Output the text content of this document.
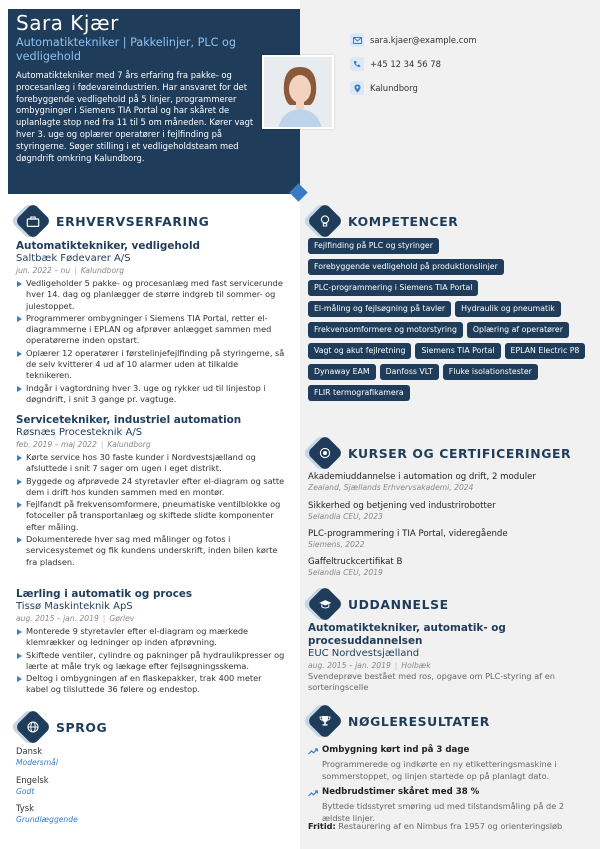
Sara Kjær
Automatiktekniker | Pakkelinjer, PLC og vedligehold
Automatiktekniker med 7 års erfaring fra pakke- og procesanlæg i fødevareindustrien. Har ansvaret for det forebyggende vedligehold på 5 linjer, programmerer ombygninger i Siemens TIA Portal og har skåret de uplanlagte stop ned fra 11 til 5 om måneden. Kører vagt hver 3. uge og oplærer operatører i fejlfinding på styringerne. Søger stilling i et vedligeholdsteam med døgndrift omkring Kalundborg.
sara.kjaer@example.com
+45 12 34 56 78
Kalundborg
ERHVERVSERFARING
Automatiktekniker, vedligehold
Saltbæk Fødevarer A/S
jun. 2022 – nu | Kalundborg
Vedligeholder 5 pakke- og procesanlæg med fast servicerunde hver 14. dag og planlægger de større indgreb til sommer- og julestoppet.
Programmerer ombygninger i Siemens TIA Portal, retter el-diagrammerne i EPLAN og afprøver anlægget sammen med operatørerne inden opstart.
Oplærer 12 operatører i førstelinjefejlfinding på styringerne, så de selv kvitterer 4 ud af 10 alarmer uden at tilkalde teknikeren.
Indgår i vagtordning hver 3. uge og rykker ud til linjestop i døgndrift, i snit 3 gange pr. vagtuge.
Servicetekniker, industriel automation
Røsnæs Procesteknik A/S
feb. 2019 – maj 2022 | Kalundborg
Kørte service hos 30 faste kunder i Nordvestsjælland og afsluttede i snit 7 sager om ugen i eget distrikt.
Byggede og afprøvede 24 styretavler efter el-diagram og satte dem i drift hos kunden sammen med en montør.
Fejlfandt på frekvensomformere, pneumatiske ventilblokke og fotoceller på transportanlæg og skiftede slidte komponenter efter måling.
Dokumenterede hver sag med målinger og fotos i servicesystemet og fik kundens underskrift, inden bilen kørte fra pladsen.
Lærling i automatik og proces
Tissø Maskinteknik ApS
aug. 2015 – jan. 2019 | Gørlev
Monterede 9 styretavler efter el-diagram og mærkede klemrækker og ledninger op inden afprøvning.
Skiftede ventiler, cylindre og pakninger på hydraulikpresser og lærte at måle tryk og lækage efter fejlsøgningsskema.
Deltog i ombygningen af en flaskepakker, trak 400 meter kabel og tilsluttede 36 følere og endestop.
SPROG
Dansk
Modersmål
Engelsk
Godt
Tysk
Grundlæggende
KOMPETENCER
Fejlfinding på PLC og styringer
Forebyggende vedligehold på produktionslinjer
PLC-programmering i Siemens TIA Portal
El-måling og fejlsøgning på tavler	Hydraulik og pneumatik
Frekvensomformere og motorstyring	Oplæring af operatører
Vagt og akut fejlretning	Siemens TIA Portal	EPLAN Electric P8
Dynaway EAM	Danfoss VLT	Fluke isolationstester
FLIR termografikamera
KURSER OG CERTIFICERINGER
Akademiuddannelse i automation og drift, 2 moduler
Zealand, Sjællands Erhvervsakademi, 2024
Sikkerhed og betjening ved industrirobotter
Selandia CEU, 2023
PLC-programmering i TIA Portal, videregående
Siemens, 2022
Gaffeltruckcertifikat B
Selandia CEU, 2019
UDDANNELSE
Automatiktekniker, automatik- og procesuddannelsen
EUC Nordvestsjælland
aug. 2015 – jan. 2019 | Holbæk
Svendeprøve bestået med ros, opgave om PLC-styring af en sorteringscelle
NØGLERESULTATER
Ombygning kørt ind på 3 dage
Programmerede og indkørte en ny etiketteringsmaskine i sommerstoppet, og linjen startede op på planlagt dato.
Nedbrudstimer skåret med 38 %
Byttede tidsstyret smøring ud med tilstandsmåling på de 2 ældste linjer.
Fritid: Restaurering af en Nimbus fra 1957 og orienteringsløb
